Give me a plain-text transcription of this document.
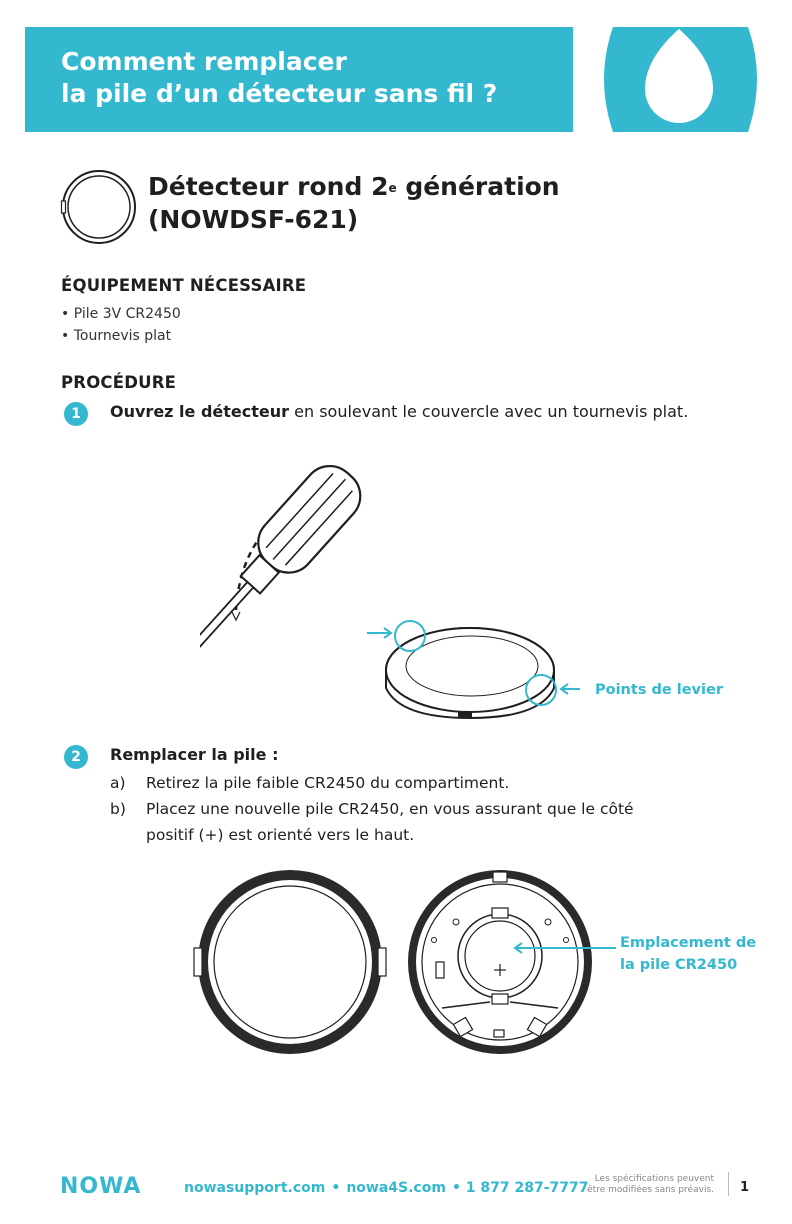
Comment remplacer
la pile d’un détecteur sans fil ?
Détecteur rond 2e génération
(NOWDSF-621)
ÉQUIPEMENT NÉCESSAIRE
• Pile 3V CR2450
• Tournevis plat
PROCÉDURE
1	Ouvrez le détecteur en soulevant le couvercle avec un tournevis plat.

Points de levier
2	Remplacer la pile :

a)	Retirez la pile faible CR2450 du compartiment.
b)	Placez une nouvelle pile CR2450, en vous assurant que le côté positif (+) est orienté vers le haut.
Emplacement de
la pile CR2450
NOWA	nowasupport.com • nowa4S.com • 1 877 287-7777
Les spécifications peuvent
être modifiées sans préavis. 1
